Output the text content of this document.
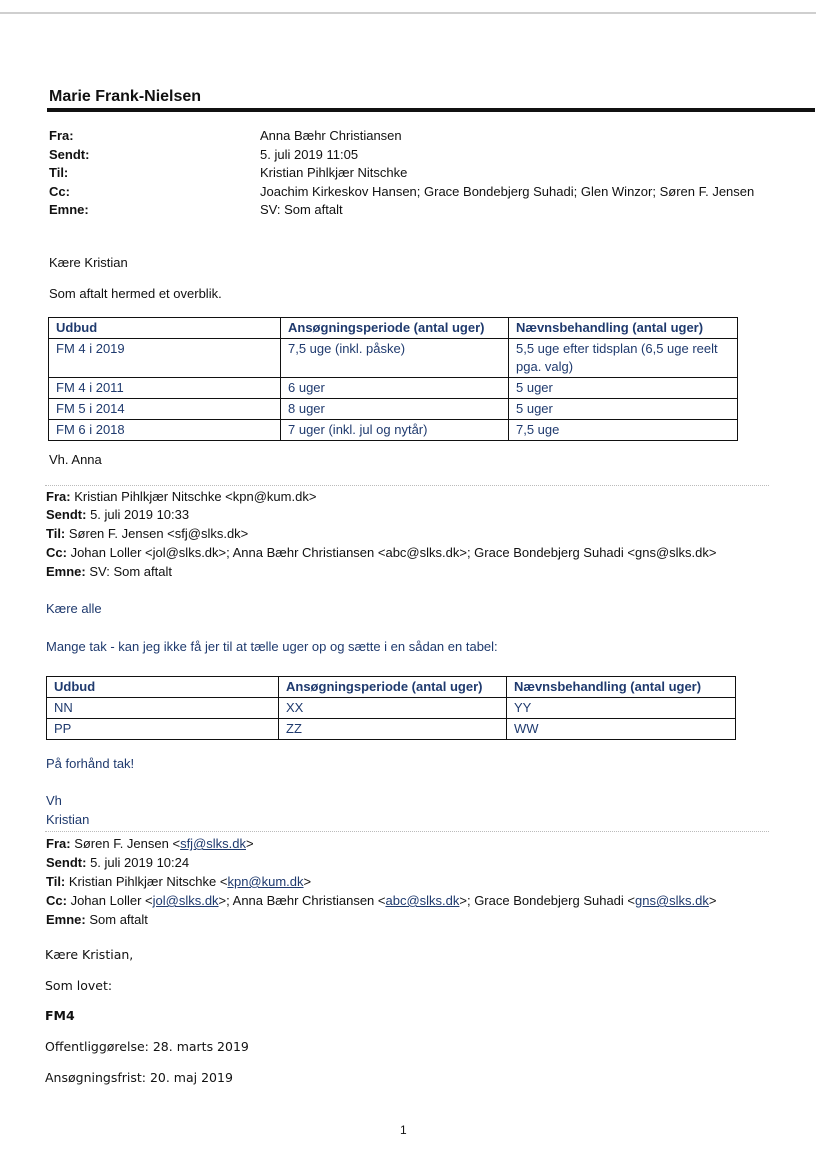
Marie Frank-Nielsen
Fra:	Anna Bæhr Christiansen
Sendt:	5. juli 2019 11:05
Til:	Kristian Pihlkjær Nitschke
Cc:	Joachim Kirkeskov Hansen; Grace Bondebjerg Suhadi; Glen Winzor; Søren F. Jensen
Emne:	SV: Som aftalt
Kære Kristian
Som aftalt hermed et overblik.
Udbud	Ansøgningsperiode (antal uger)	Nævnsbehandling (antal uger)
FM 4 i 2019	7,5 uge (inkl. påske)	5,5 uge efter tidsplan (6,5 uge reelt pga. valg)
FM 4 i 2011	6 uger	5 uger
FM 5 i 2014	8 uger	5 uger
FM 6 i 2018	7 uger (inkl. jul og nytår)	7,5 uge
Vh. Anna
Fra: Kristian Pihlkjær Nitschke <kpn@kum.dk>
Sendt: 5. juli 2019 10:33
Til: Søren F. Jensen <sfj@slks.dk>
Cc: Johan Loller <jol@slks.dk>; Anna Bæhr Christiansen <abc@slks.dk>; Grace Bondebjerg Suhadi <gns@slks.dk>
Emne: SV: Som aftalt
Kære alle
Mange tak - kan jeg ikke få jer til at tælle uger op og sætte i en sådan en tabel:
Udbud	Ansøgningsperiode (antal uger)	Nævnsbehandling (antal uger)
NN	XX	YY
PP	ZZ	WW
På forhånd tak!
Vh
Kristian
Fra: Søren F. Jensen <sfj@slks.dk>
Sendt: 5. juli 2019 10:24
Til: Kristian Pihlkjær Nitschke <kpn@kum.dk>
Cc: Johan Loller <jol@slks.dk>; Anna Bæhr Christiansen <abc@slks.dk>; Grace Bondebjerg Suhadi <gns@slks.dk>
Emne: Som aftalt
Kære Kristian,
Som lovet:
FM4
Offentliggørelse: 28. marts 2019
Ansøgningsfrist: 20. maj 2019
1
